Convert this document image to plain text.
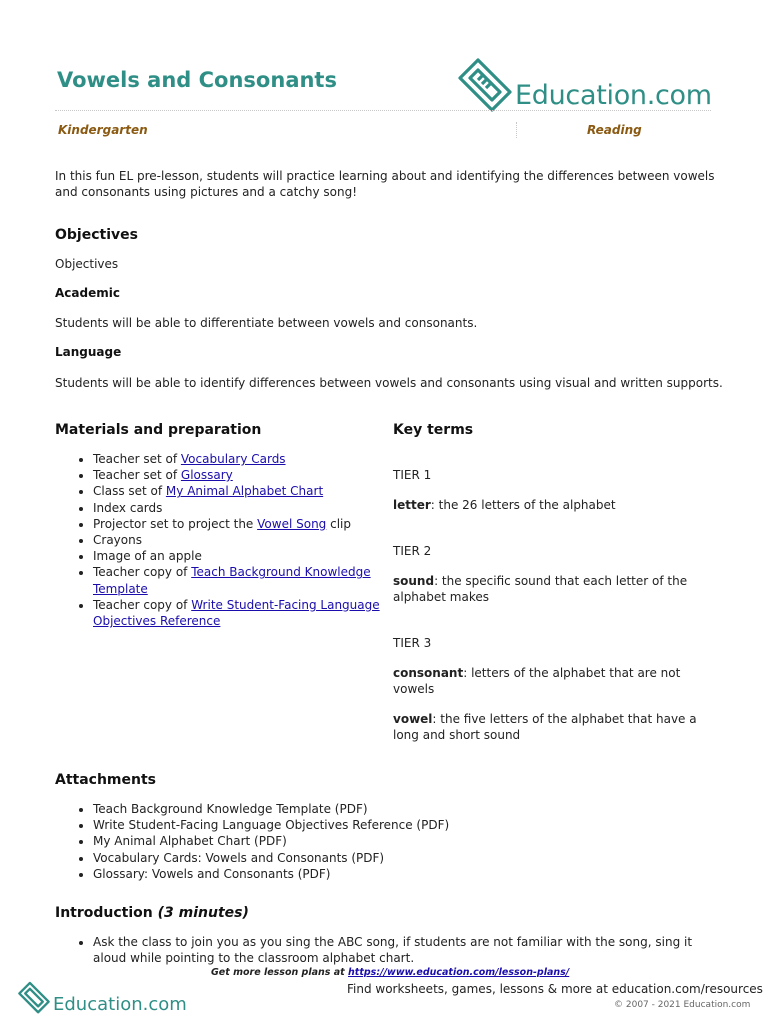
Vowels and Consonants	Education.com
Kindergarten	Reading
In this fun EL pre-lesson, students will practice learning about and identifying the differences between vowels and consonants using pictures and a catchy song!
Objectives
Objectives
Academic
Students will be able to differentiate between vowels and consonants.
Language
Students will be able to identify differences between vowels and consonants using visual and written supports.
Materials and preparation
• Teacher set of Vocabulary Cards
• Teacher set of Glossary
• Class set of My Animal Alphabet Chart
• Index cards
• Projector set to project the Vowel Song clip
• Crayons
• Image of an apple
• Teacher copy of Teach Background Knowledge Template
• Teacher copy of Write Student-Facing Language Objectives Reference
Key terms
TIER 1
letter: the 26 letters of the alphabet
TIER 2
sound: the specific sound that each letter of the alphabet makes
TIER 3
consonant: letters of the alphabet that are not vowels
vowel: the five letters of the alphabet that have a long and short sound
Attachments
• Teach Background Knowledge Template (PDF)
• Write Student-Facing Language Objectives Reference (PDF)
• My Animal Alphabet Chart (PDF)
• Vocabulary Cards: Vowels and Consonants (PDF)
• Glossary: Vowels and Consonants (PDF)
Introduction (3 minutes)
• Ask the class to join you as you sing the ABC song, if students are not familiar with the song, sing it aloud while pointing to the classroom alphabet chart.
Get more lesson plans at https://www.education.com/lesson-plans/
Education.com
Find worksheets, games, lessons & more at education.com/resources
© 2007 - 2021 Education.com
